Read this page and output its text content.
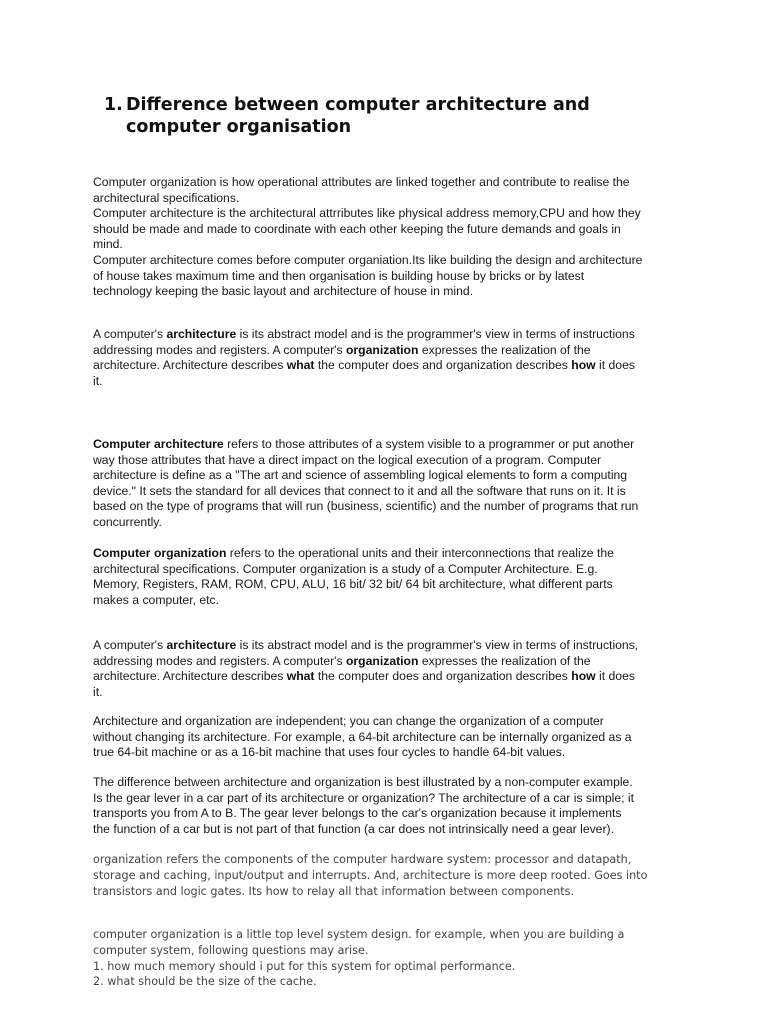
1. Difference between computer architecture and
computer organisation

Computer organization is how operational attributes are linked together and contribute to realise the

architectural specifications.

Computer architecture is the architectural attrributes like physical address memory,CPU and how they

should be made and made to coordinate with each other keeping the future demands and goals in

mind.

Computer architecture comes before computer organiation.Its like building the design and architecture

of house takes maximum time and then organisation is building house by bricks or by latest

technology keeping the basic layout and architecture of house in mind.

A computer's architecture is its abstract model and is the programmer's view in terms of instructions

addressing modes and registers. A computer's organization expresses the realization of the

architecture. Architecture describes what the computer does and organization describes how it does

it.

Computer architecture refers to those attributes of a system visible to a programmer or put another

way those attributes that have a direct impact on the logical execution of a program. Computer

architecture is define as a "The art and science of assembling logical elements to form a computing

device." It sets the standard for all devices that connect to it and all the software that runs on it. It is

based on the type of programs that will run (business, scientific) and the number of programs that run

concurrently.

Computer organization refers to the operational units and their interconnections that realize the

architectural specifications. Computer organization is a study of a Computer Architecture. E.g.

Memory, Registers, RAM, ROM, CPU, ALU, 16 bit/ 32 bit/ 64 bit architecture, what different parts

makes a computer, etc.

A computer's architecture is its abstract model and is the programmer's view in terms of instructions,

addressing modes and registers. A computer's organization expresses the realization of the

architecture. Architecture describes what the computer does and organization describes how it does

it.

Architecture and organization are independent; you can change the organization of a computer

without changing its architecture. For example, a 64-bit architecture can be internally organized as a

true 64-bit machine or as a 16-bit machine that uses four cycles to handle 64-bit values.

The difference between architecture and organization is best illustrated by a non-computer example.

Is the gear lever in a car part of its architecture or organization? The architecture of a car is simple; it

transports you from A to B. The gear lever belongs to the car's organization because it implements

the function of a car but is not part of that function (a car does not intrinsically need a gear lever).

organization refers the components of the computer hardware system: processor and datapath,

storage and caching, input/output and interrupts. And, architecture is more deep rooted. Goes into

transistors and logic gates. Its how to relay all that information between components.

computer organization is a little top level system design. for example, when you are building a

computer system, following questions may arise.

1. how much memory should i put for this system for optimal performance.

2. what should be the size of the cache.
